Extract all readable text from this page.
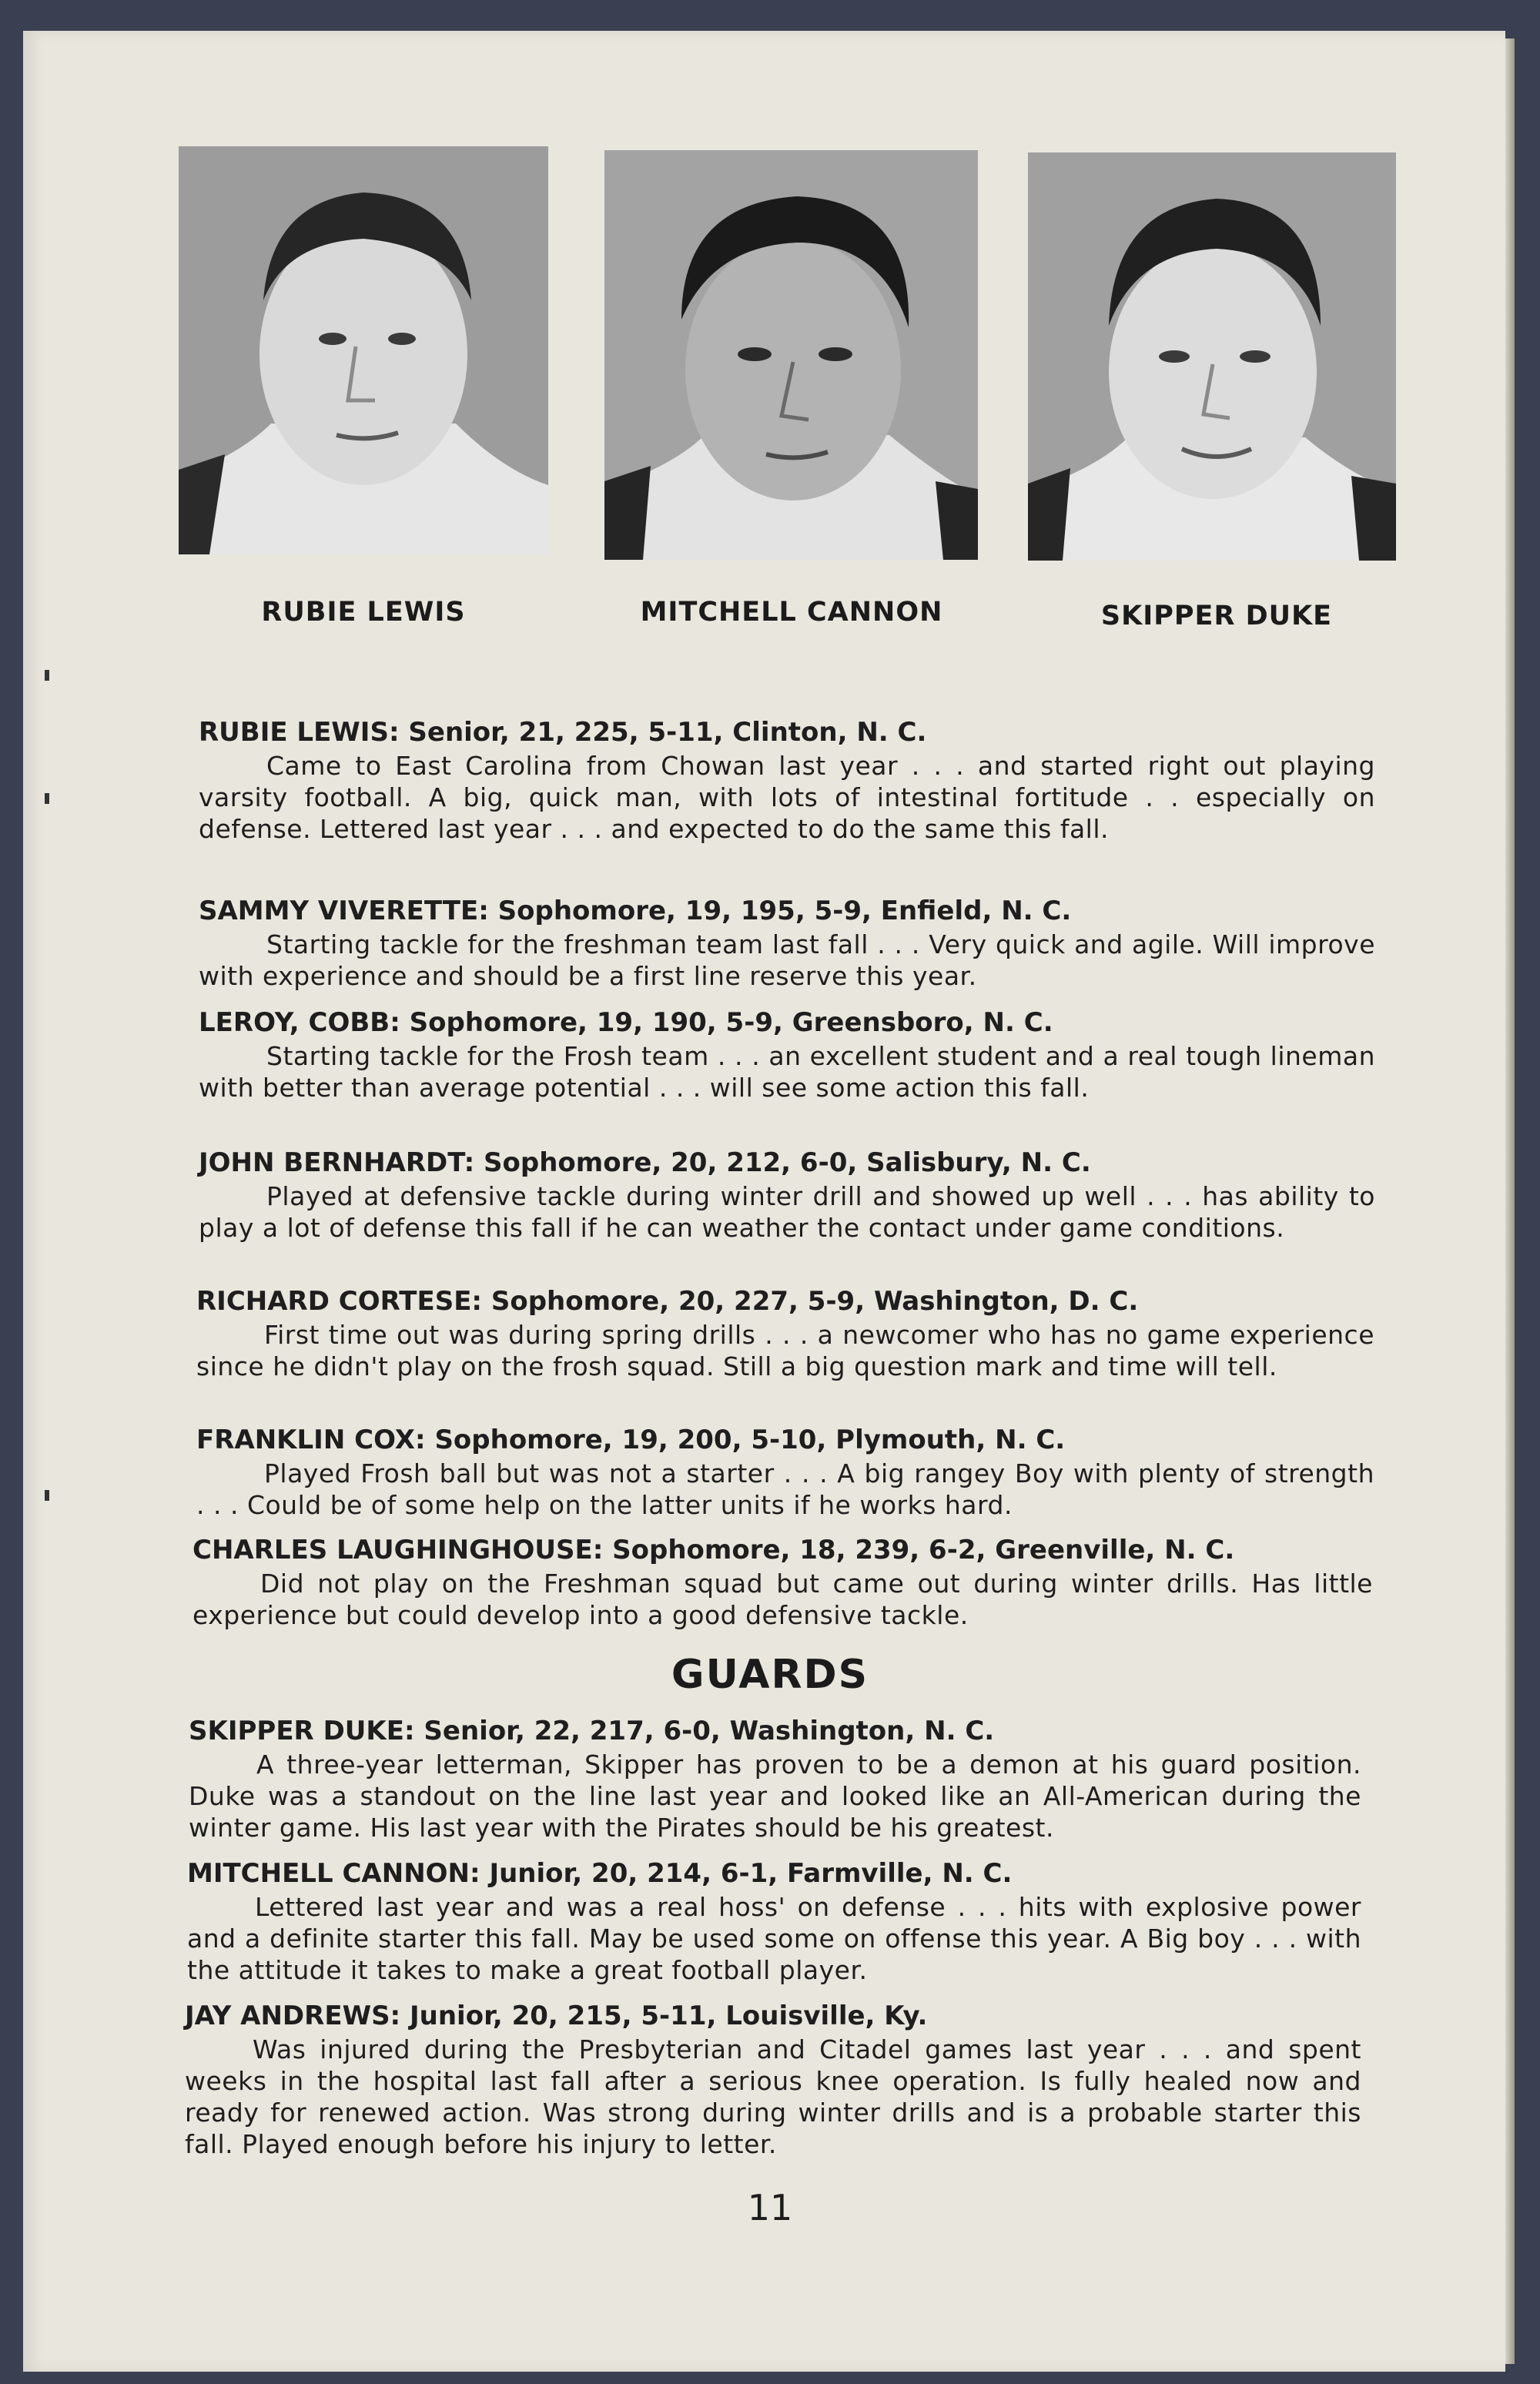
RUBIE LEWIS	MITCHELL CANNON	SKIPPER DUKE
RUBIE LEWIS: Senior, 21, 225, 5-11, Clinton, N. C.
Came to East Carolina from Chowan last year . . . and started right out playing varsity football. A big, quick man, with lots of intestinal fortitude . . especially on defense. Lettered last year . . . and expected to do the same this fall.
SAMMY VIVERETTE: Sophomore, 19, 195, 5-9, Enfield, N. C.
Starting tackle for the freshman team last fall . . . Very quick and agile. Will improve with experience and should be a first line reserve this year.
LEROY, COBB: Sophomore, 19, 190, 5-9, Greensboro, N. C.
Starting tackle for the Frosh team . . . an excellent student and a real tough lineman with better than average potential . . . will see some action this fall.
JOHN BERNHARDT: Sophomore, 20, 212, 6-0, Salisbury, N. C.
Played at defensive tackle during winter drill and showed up well . . . has ability to play a lot of defense this fall if he can weather the contact under game conditions.
RICHARD CORTESE: Sophomore, 20, 227, 5-9, Washington, D. C.
First time out was during spring drills . . . a newcomer who has no game experience since he didn't play on the frosh squad. Still a big question mark and time will tell.
FRANKLIN COX: Sophomore, 19, 200, 5-10, Plymouth, N. C.
Played Frosh ball but was not a starter . . . A big rangey Boy with plenty of strength . . . Could be of some help on the latter units if he works hard.
CHARLES LAUGHINGHOUSE: Sophomore, 18, 239, 6-2, Greenville, N. C.
Did not play on the Freshman squad but came out during winter drills. Has little experience but could develop into a good defensive tackle.
GUARDS
SKIPPER DUKE: Senior, 22, 217, 6-0, Washington, N. C.
A three-year letterman, Skipper has proven to be a demon at his guard position. Duke was a standout on the line last year and looked like an All-American during the winter game. His last year with the Pirates should be his greatest.
MITCHELL CANNON: Junior, 20, 214, 6-1, Farmville, N. C.
Lettered last year and was a real hoss' on defense . . . hits with explosive power and a definite starter this fall. May be used some on offense this year. A Big boy . . . with the attitude it takes to make a great football player.
JAY ANDREWS: Junior, 20, 215, 5-11, Louisville, Ky.
Was injured during the Presbyterian and Citadel games last year . . . and spent weeks in the hospital last fall after a serious knee operation. Is fully healed now and ready for renewed action. Was strong during winter drills and is a probable starter this fall. Played enough before his injury to letter.
11
